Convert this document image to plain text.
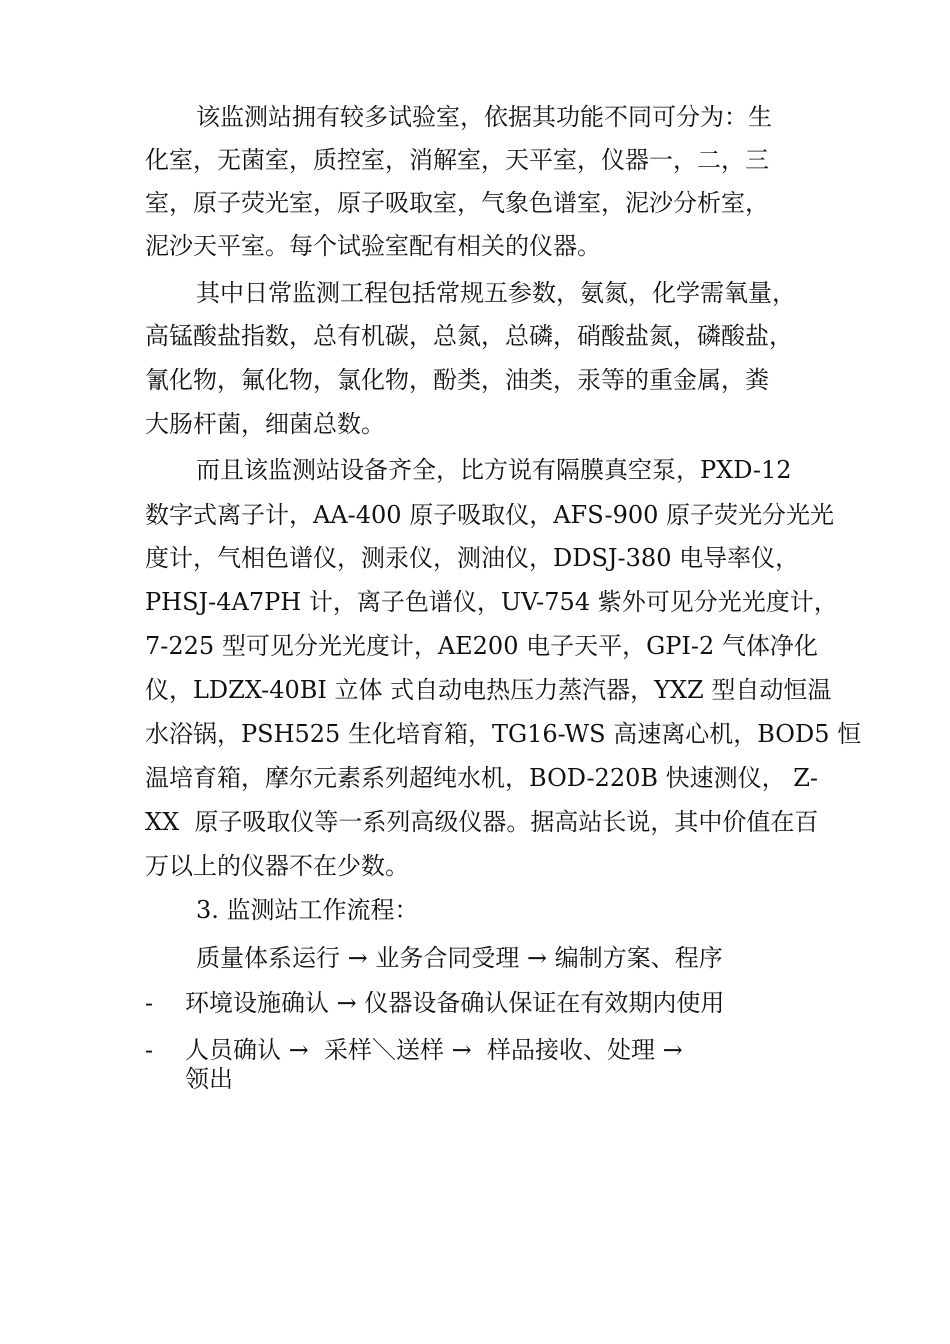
该监测站拥有较多试验室，依据其功能不同可分为：生
化室，无菌室，质控室，消解室，天平室，仪器一，二，三
室，原子荧光室，原子吸取室，气象色谱室，泥沙分析室，
泥沙天平室。每个试验室配有相关的仪器。
其中日常监测工程包括常规五参数，氨氮，化学需氧量，
高锰酸盐指数，总有机碳，总氮，总磷，硝酸盐氮，磷酸盐，
氰化物，氟化物，氯化物，酚类，油类，汞等的重金属，粪
大肠杆菌，细菌总数。
而且该监测站设备齐全，比方说有隔膜真空泵，PXD-12
数字式离子计，AA-400 原子吸取仪，AFS-900 原子荧光分光光
度计，气相色谱仪，测汞仪，测油仪，DDSJ-380 电导率仪，
PHSJ-4A7PH 计，离子色谱仪，UV-754 紫外可见分光光度计，
7-225 型可见分光光度计，AE200 电子天平，GPI-2 气体净化
仪，LDZX-40BI 立体 式自动电热压力蒸汽器，YXZ 型自动恒温
水浴锅，PSH525 生化培育箱，TG16-WS 高速离心机，BOD5 恒
温培育箱，摩尔元素系列超纯水机，BOD-220B 快速测仪， Z-
XX  原子吸取仪等一系列高级仪器。据高站长说，其中价值在百
万以上的仪器不在少数。
3. 监测站工作流程：
质量体系运行 → 业务合同受理 → 编制方案、程序
- 环境设施确认 → 仪器设备确认保证在有效期内使用
- 人员确认 →  采样＼送样 →  样品接收、处理 →
领出
